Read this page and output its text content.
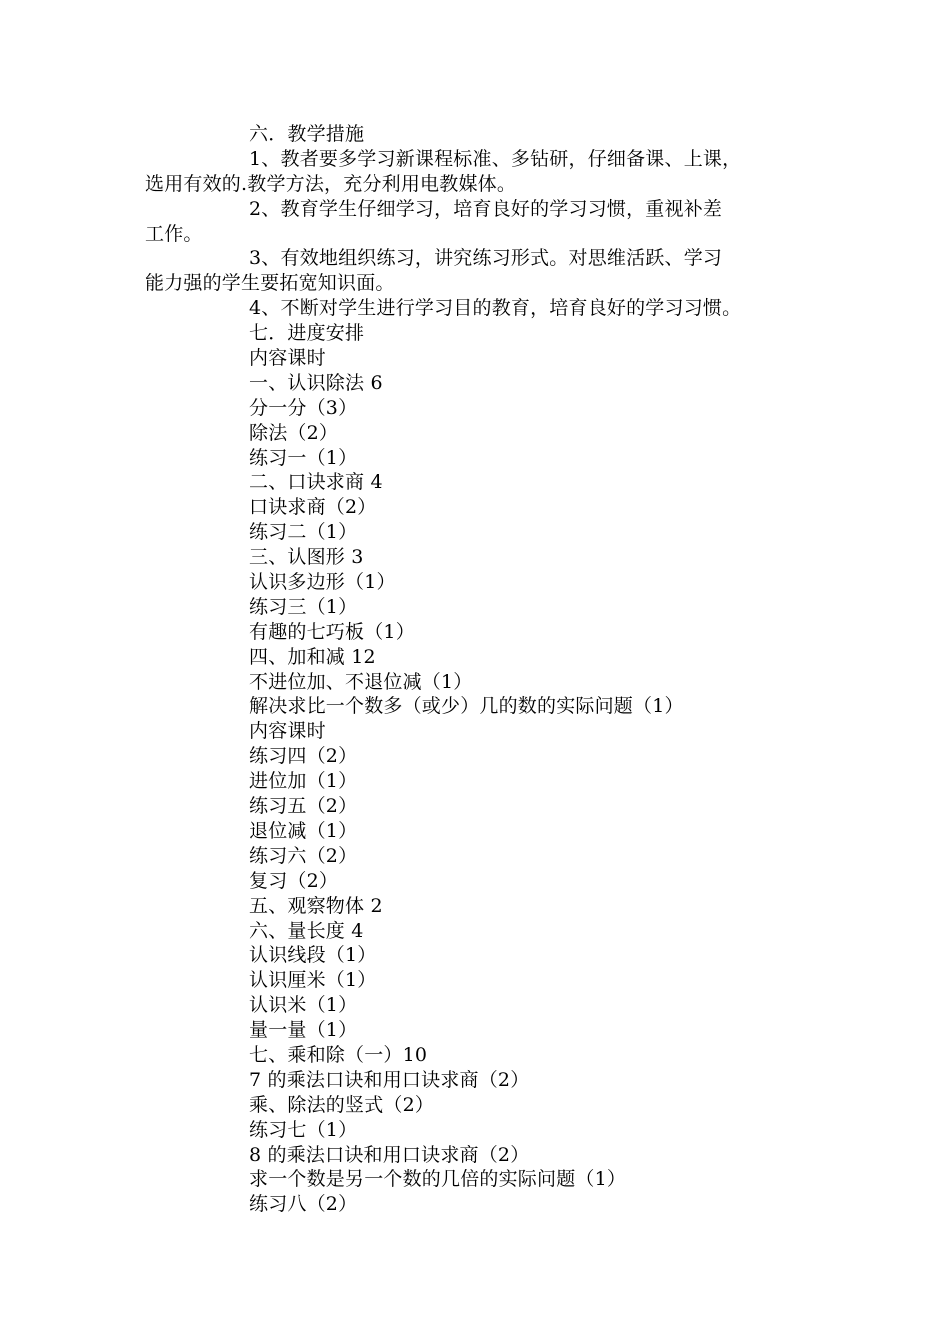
六．教学措施
1、教者要多学习新课程标准、多钻研，仔细备课、上课，
选用有效的.教学方法，充分利用电教媒体。
2、教育学生仔细学习，培育良好的学习习惯，重视补差
工作。
3、有效地组织练习，讲究练习形式。对思维活跃、学习
能力强的学生要拓宽知识面。
4、不断对学生进行学习目的教育，培育良好的学习习惯。
七．进度安排
内容课时
一、认识除法 6
分一分（3）
除法（2）
练习一（1）
二、口诀求商 4
口诀求商（2）
练习二（1）
三、认图形 3
认识多边形（1）
练习三（1）
有趣的七巧板（1）
四、加和减 12
不进位加、不退位减（1）
解决求比一个数多（或少）几的数的实际问题（1）
内容课时
练习四（2）
进位加（1）
练习五（2）
退位减（1）
练习六（2）
复习（2）
五、观察物体 2
六、量长度 4
认识线段（1）
认识厘米（1）
认识米（1）
量一量（1）
七、乘和除（一）10
7 的乘法口诀和用口诀求商（2）
乘、除法的竖式（2）
练习七（1）
8 的乘法口诀和用口诀求商（2）
求一个数是另一个数的几倍的实际问题（1）
练习八（2）
